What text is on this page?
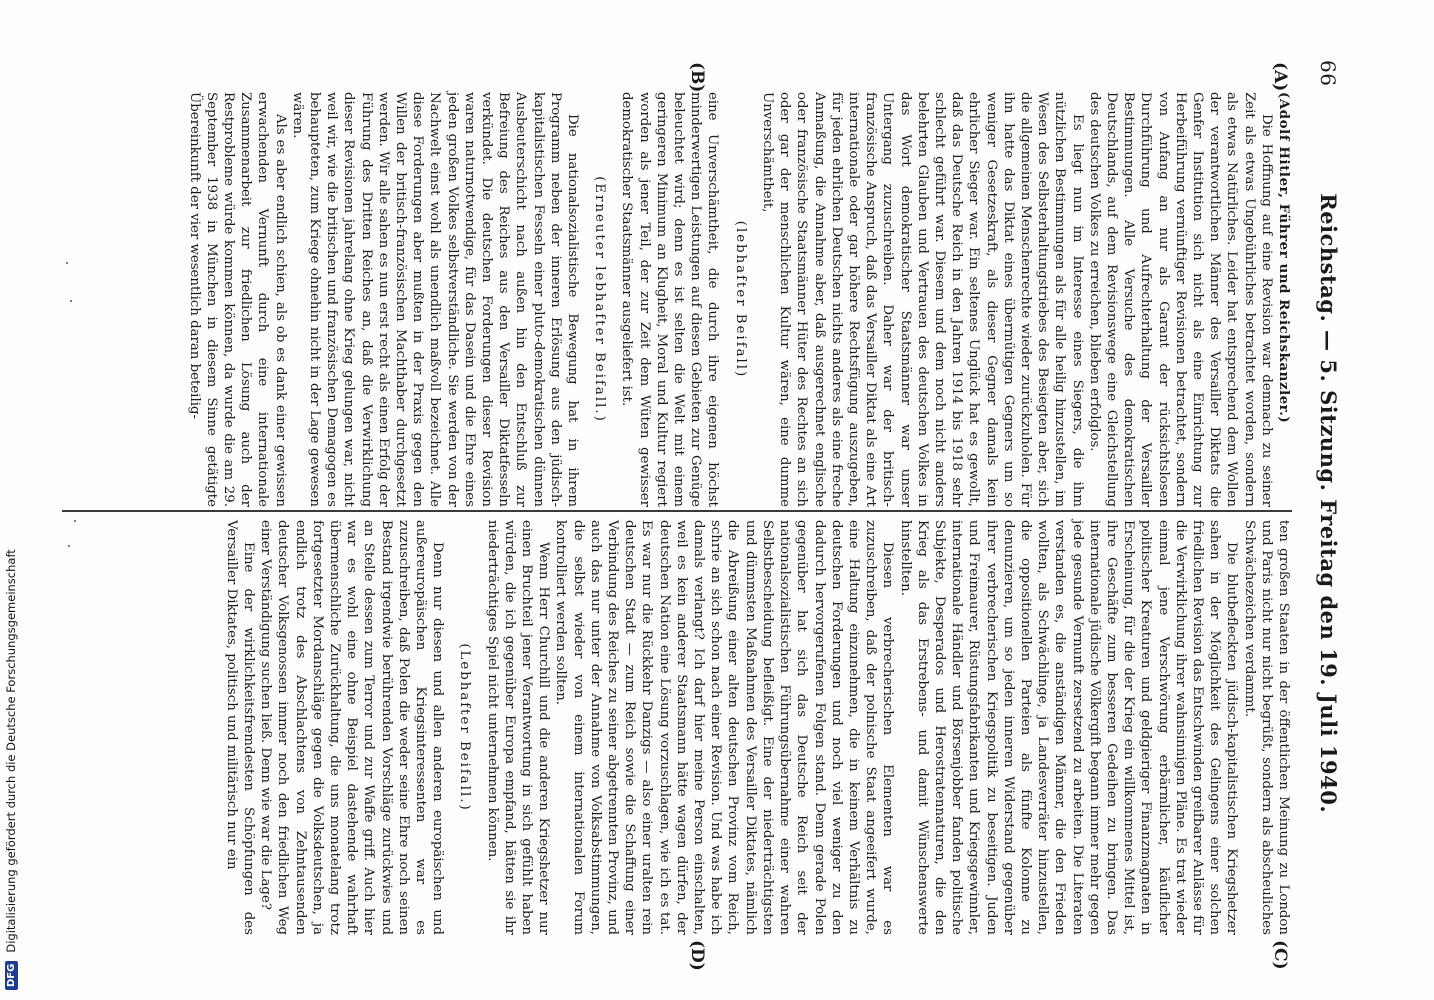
66
Reichstag. — 5. Sitzung. Freitag den 19. Juli 1940.
(A)
(B)
(C)
(D)

(Adolf Hitler, Führer und Reichskanzler.)

Die Hoffnung auf eine Revision war demnach zu seiner Zeit als etwas Ungebührliches betrachtet worden, sondern als etwas Natürliches. Leider hat entsprechend dem Wollen der verantwortlichen Männer des Versailler Diktats die Genfer Institution sich nicht als eine Einrichtung zur Herbeiführung vernünftiger Revisionen betrachtet, sondern von Anfang an nur als Garant der rücksichtslosen Durchführung und Aufrechterhaltung der Versailler Bestimmungen. Alle Versuche des demokratischen Deutschlands, auf dem Revisionswege eine Gleichstellung des deutschen Volkes zu erreichen, blieben erfolglos.

Es liegt nun im Interesse eines Siegers, die ihm nützlichen Bestimmungen als für alle heilig hinzustellen, im Wesen des Selbsterhaltungstriebes des Besiegten aber, sich die allgemeinen Menschenrechte wieder zurückzuholen. Für ihn hatte das Diktat eines übermütigen Gegners um so weniger Gesetzeskraft, als dieser Gegner damals kein ehrlicher Sieger war. Ein seltenes Unglück hat es gewollt, daß das Deutsche Reich in den Jahren 1914 bis 1918 sehr schlecht geführt war. Diesem und dem noch nicht anders belehrten Glauben und Vertrauen des deutschen Volkes in das Wort demokratischer Staatsmänner war unser Untergang zuzuschreiben. Daher war der britisch-französische Anspruch, daß das Versailler Diktat als eine Art internationale oder gar höhere Rechtsfügung auszugeben, für jeden ehrlichen Deutschen nichts anderes als eine freche Anmaßung, die Annahme aber, daß ausgerechnet englische oder französische Staatsmänner Hüter des Rechtes an sich oder gar der menschlichen Kultur wären, eine dumme Unverschämtheit,

(lebhafter Beifall)

eine Unverschämtheit, die durch ihre eigenen höchst minderwertigen Leistungen auf diesen Gebieten zur Genüge beleuchtet wird; denn es ist selten die Welt mit einem geringeren Minimum an Klugheit, Moral und Kultur regiert worden als jener Teil, der zur Zeit dem Wüten gewisser demokratischer Staatsmänner ausgeliefert ist.

(Erneuter lebhafter Beifall.)

Die nationalsozialistische Bewegung hat in ihrem Programm neben der inneren Erlösung aus den jüdisch-kapitalistischen Fesseln einer pluto-demokratischen dünnen Ausbeuterschicht nach außen hin den Entschluß zur Befreiung des Reiches aus den Versailler Diktatfesseln verkündet. Die deutschen Forderungen dieser Revision waren naturnotwendige, für das Dasein und die Ehre eines jeden großen Volkes selbstverständliche. Sie werden von der Nachwelt einst wohl als unendlich maßvoll bezeichnet. Alle diese Forderungen aber mußten in der Praxis gegen den Willen der britisch-französischen Machthaber durchgesetzt werden. Wir alle sahen es nun erst recht als einen Erfolg der Führung des Dritten Reiches an, daß die Verwirklichung dieser Revisionen jahrelang ohne Krieg gelungen war, nicht weil wir, wie die britischen und französischen Demagogen es behaupteten, zum Kriege ohnehin nicht in der Lage gewesen wären.

Als es aber endlich schien, als ob es dank einer gewissen erwachenden Vernunft durch eine internationale Zusammenarbeit zur friedlichen Lösung auch der Restprobleme würde kommen können, da wurde die am 29. September 1938 in München in diesem Sinne getätigte Übereinkunft der vier wesentlich daran beteilig-

ten großen Staaten in der öffentlichen Meinung zu London und Paris nicht nur nicht begrüßt, sondern als abscheuliches Schwächezeichen verdammt.

Die blutbefleckten jüdisch-kapitalistischen Kriegshetzer sahen in der Möglichkeit des Gelingens einer solchen friedlichen Revision das Entschwinden greifbarer Anlässe für die Verwirklichung ihrer wahnsinnigen Pläne. Es trat wieder einmal jene Verschwörung erbärmlicher, käuflicher politischer Kreaturen und geldgieriger Finanzmagnaten in Erscheinung, für die der Krieg ein willkommenes Mittel ist, ihre Geschäfte zum besseren Gedeihen zu bringen. Das internationale jüdische Völkergift begann immer mehr gegen jede gesunde Vernunft zersetzend zu arbeiten. Die Literaten verstanden es, die anständigen Männer, die den Frieden wollten, als Schwächlinge, ja Landesverräter hinzustellen, die oppositionellen Parteien als fünfte Kolonne zu denunzieren, um so jeden inneren Widerstand gegenüber ihrer verbrecherischen Kriegspolitik zu beseitigen. Juden und Freimaurer, Rüstungsfabrikanten und Kriegsgewinnler, internationale Händler und Börsenjobber fanden politische Subjekte, Desperados und Herostratennaturen, die den Krieg als das Erstrebens- und damit Wünschenswerte hinstellten.

Diesen verbrecherischen Elementen war es zuzuschreiben, daß der polnische Staat angeeifert wurde, eine Haltung einzunehmen, die in keinem Verhältnis zu deutschen Forderungen und noch viel weniger zu den dadurch hervorgerufenen Folgen stand. Denn gerade Polen gegenüber hat sich das Deutsche Reich seit der nationalsozialistischen Führungsübernahme einer wahren Selbstbescheidung befleißigt. Eine der niederträchtigsten und dümmsten Maßnahmen des Versailler Diktates, nämlich die Abreißung einer alten deutschen Provinz vom Reich, schrie an sich schon nach einer Revision. Und was habe ich damals verlangt? Ich darf hier meine Person einschalten, weil es kein anderer Staatsmann hätte wagen dürfen, der deutschen Nation eine Lösung vorzuschlagen, wie ich es tat. Es war nur die Rückkehr Danzigs — also einer uralten rein deutschen Stadt — zum Reich sowie die Schaffung einer Verbindung des Reiches zu seiner abgetrennten Provinz, und auch das nur unter der Annahme von Volksabstimmungen, die selbst wieder von einem internationalen Forum kontrolliert werden sollten.

Wenn Herr Churchill und die anderen Kriegshetzer nur einen Bruchteil jener Verantwortung in sich gefühlt haben würden, die ich gegenüber Europa empfand, hätten sie ihr niederträchtiges Spiel nicht unternehmen können.

(Lebhafter Beifall.)

Denn nur diesen und allen anderen europäischen und außereuropäischen Kriegsinteressenten war es zuzuschreiben, daß Polen die weder seine Ehre noch seinen Bestand irgendwie berührenden Vorschläge zurückwies und an Stelle dessen zum Terror und zur Waffe griff. Auch hier war es wohl eine ohne Beispiel dastehende wahrhaft übermenschliche Zurückhaltung, die uns monatelang trotz fortgesetzter Mordanschläge gegen die Volksdeutschen, ja endlich trotz des Abschlachtens von Zehntausenden deutscher Volksgenossen immer noch den friedlichen Weg einer Verständigung suchen ließ. Denn wie war die Lage?

Eine der wirklichkeitsfremdesten Schöpfungen des Versailler Diktates, politisch und militärisch nur ein

DFG
Digitalisierung gefördert durch die Deutsche Forschungsgemeinschaft
